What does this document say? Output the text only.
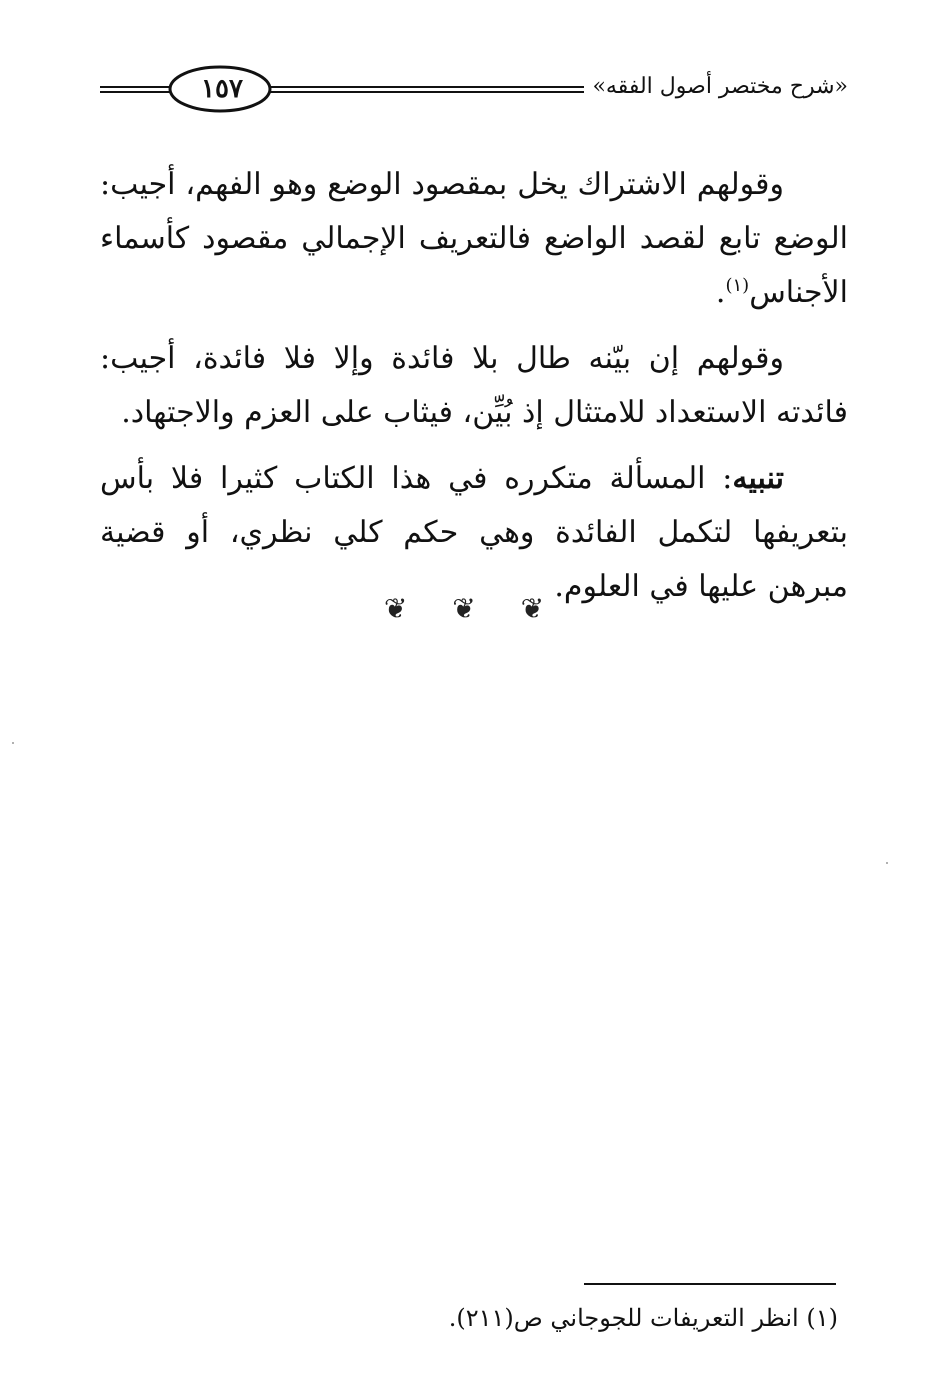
«شرح مختصر أصول الفقه»
١٥٧

وقولهم الاشتراك يخل بمقصود الوضع وهو الفهم، أجيب: الوضع تابع لقصد الواضع فالتعريف الإجمالي مقصود كأسماء الأجناس$^{(١)}$.

وقولهم إن بيّنه طال بلا فائدة وإلا فلا فائدة، أجيب: فائدته الاستعداد للامتثال إذ بُيِّن، فيثاب على العزم والاجتهاد.

تنبيه: المسألة متكرره في هذا الكتاب كثيرا فلا بأس بتعريفها لتكمل الفائدة وهي حكم كلي نظري، أو قضية مبرهن عليها في العلوم.

❦ ❦ ❦
(١) انظر التعريفات للجوجاني ص(٢١١).
